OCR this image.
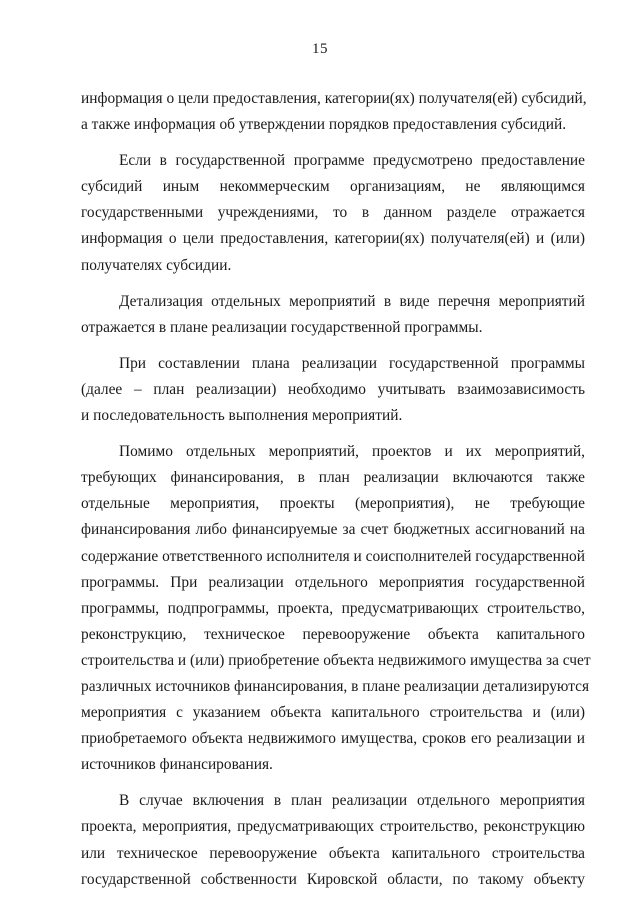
15
информация о цели предоставления, категории(ях) получателя(ей) субсидий,
а также информация об утверждении порядков предоставления субсидий.
Если в государственной программе предусмотрено предоставление
субсидий иным некоммерческим организациям, не являющимся
государственными учреждениями, то в данном разделе отражается
информация о цели предоставления, категории(ях) получателя(ей) и (или)
получателях субсидии.
Детализация отдельных мероприятий в виде перечня мероприятий
отражается в плане реализации государственной программы.
При составлении плана реализации государственной программы
(далее – план реализации) необходимо учитывать взаимозависимость
и последовательность выполнения мероприятий.
Помимо отдельных мероприятий, проектов и их мероприятий,
требующих финансирования, в план реализации включаются также
отдельные мероприятия, проекты (мероприятия), не требующие
финансирования либо финансируемые за счет бюджетных ассигнований на
содержание ответственного исполнителя и соисполнителей государственной
программы. При реализации отдельного мероприятия государственной
программы, подпрограммы, проекта, предусматривающих строительство,
реконструкцию, техническое перевооружение объекта капитального
строительства и (или) приобретение объекта недвижимого имущества за счет
различных источников финансирования, в плане реализации детализируются
мероприятия с указанием объекта капитального строительства и (или)
приобретаемого объекта недвижимого имущества, сроков его реализации и
источников финансирования.
В случае включения в план реализации отдельного мероприятия
проекта, мероприятия, предусматривающих строительство, реконструкцию
или техническое перевооружение объекта капитального строительства
государственной собственности Кировской области, по такому объекту
